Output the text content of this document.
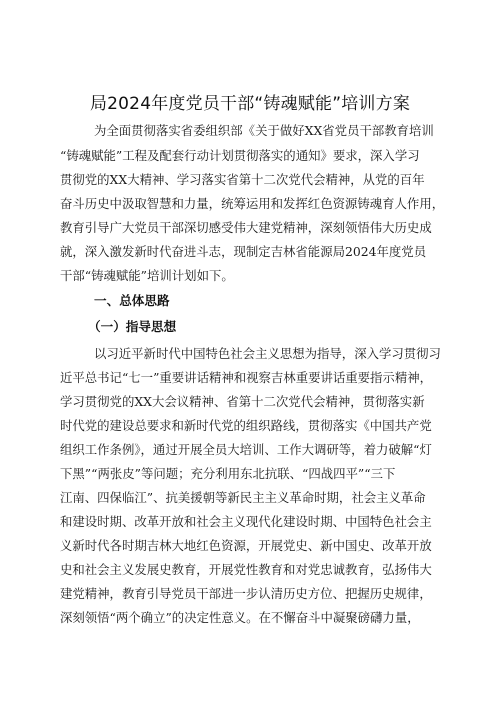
局2024年度党员干部“铸魂赋能”培训方案
为全面贯彻落实省委组织部《关于做好XX省党员干部教育培训
“铸魂赋能”工程及配套行动计划贯彻落实的通知》要求，深入学习
贯彻党的XX大精神、学习落实省第十二次党代会精神，从党的百年
奋斗历史中汲取智慧和力量，统筹运用和发挥红色资源铸魂育人作用，
教育引导广大党员干部深切感受伟大建党精神，深刻领悟伟大历史成
就，深入激发新时代奋进斗志，现制定吉林省能源局2024年度党员
干部“铸魂赋能”培训计划如下。
一、总体思路
（一）指导思想
以习近平新时代中国特色社会主义思想为指导，深入学习贯彻习
近平总书记“七一”重要讲话精神和视察吉林重要讲话重要指示精神，
学习贯彻党的XX大会议精神、省第十二次党代会精神，贯彻落实新
时代党的建设总要求和新时代党的组织路线，贯彻落实《中国共产党
组织工作条例》，通过开展全员大培训、工作大调研等，着力破解“灯
下黑”“两张皮”等问题；充分利用东北抗联、“四战四平”“三下
江南、四保临江”、抗美援朝等新民主主义革命时期，社会主义革命
和建设时期、改革开放和社会主义现代化建设时期、中国特色社会主
义新时代各时期吉林大地红色资源，开展党史、新中国史、改革开放
史和社会主义发展史教育，开展党性教育和对党忠诚教育，弘扬伟大
建党精神，教育引导党员干部进一步认清历史方位、把握历史规律，
深刻领悟“两个确立”的决定性意义。在不懈奋斗中凝聚磅礴力量，
